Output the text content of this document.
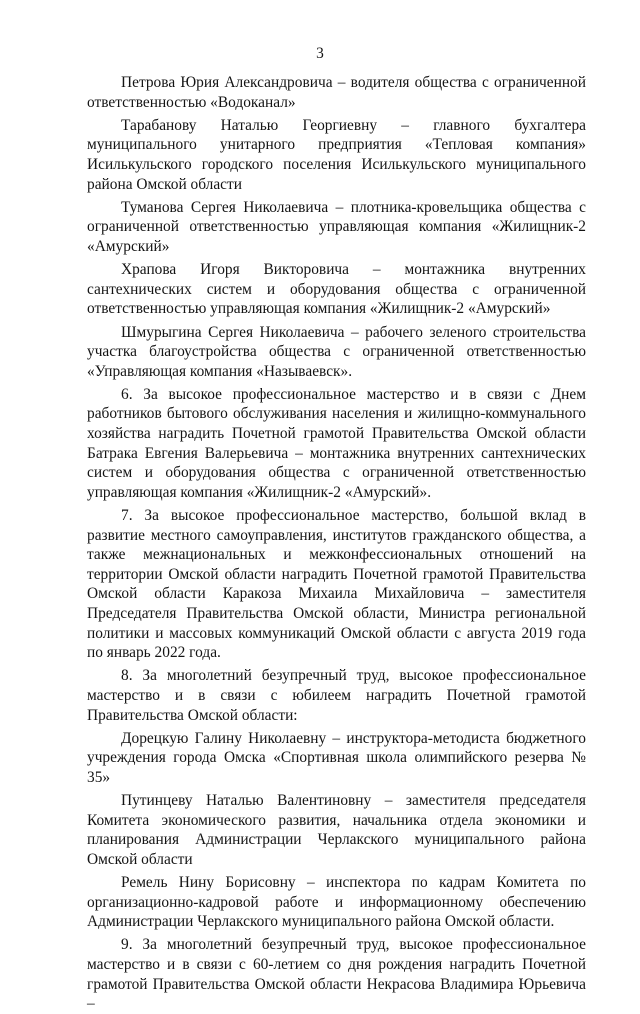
3

Петрова Юрия Александровича – водителя общества с ограниченной ответственностью «Водоканал»

Тарабанову Наталью Георгиевну – главного бухгалтера муниципального унитарного предприятия «Тепловая компания» Исилькульского городского поселения Исилькульского муниципального района Омской области

Туманова Сергея Николаевича – плотника-кровельщика общества с ограниченной ответственностью управляющая компания «Жилищник-2 «Амурский»

Храпова Игоря Викторовича – монтажника внутренних сантехнических систем и оборудования общества с ограниченной ответственностью управляющая компания «Жилищник-2 «Амурский»

Шмурыгина Сергея Николаевича – рабочего зеленого строительства участка благоустройства общества с ограниченной ответственностью «Управляющая компания «Называевск».

6. За высокое профессиональное мастерство и в связи с Днем работников бытового обслуживания населения и жилищно-коммунального хозяйства наградить Почетной грамотой Правительства Омской области Батрака Евгения Валерьевича – монтажника внутренних сантехнических систем и оборудования общества с ограниченной ответственностью управляющая компания «Жилищник-2 «Амурский».

7. За высокое профессиональное мастерство, большой вклад в развитие местного самоуправления, институтов гражданского общества, а также межнациональных и межконфессиональных отношений на территории Омской области наградить Почетной грамотой Правительства Омской области Каракоза Михаила Михайловича – заместителя Председателя Правительства Омской области, Министра региональной политики и массовых коммуникаций Омской области с августа 2019 года по январь 2022 года.

8. За многолетний безупречный труд, высокое профессиональное мастерство и в связи с юбилеем наградить Почетной грамотой Правительства Омской области:

Дорецкую Галину Николаевну – инструктора-методиста бюджетного учреждения города Омска «Спортивная школа олимпийского резерва № 35»

Путинцеву Наталью Валентиновну – заместителя председателя Комитета экономического развития, начальника отдела экономики и планирования Администрации Черлакского муниципального района Омской области

Ремель Нину Борисовну – инспектора по кадрам Комитета по организационно-кадровой работе и информационному обеспечению Администрации Черлакского муниципального района Омской области.

9. За многолетний безупречный труд, высокое профессиональное мастерство и в связи с 60-летием со дня рождения наградить Почетной грамотой Правительства Омской области Некрасова Владимира Юрьевича –
